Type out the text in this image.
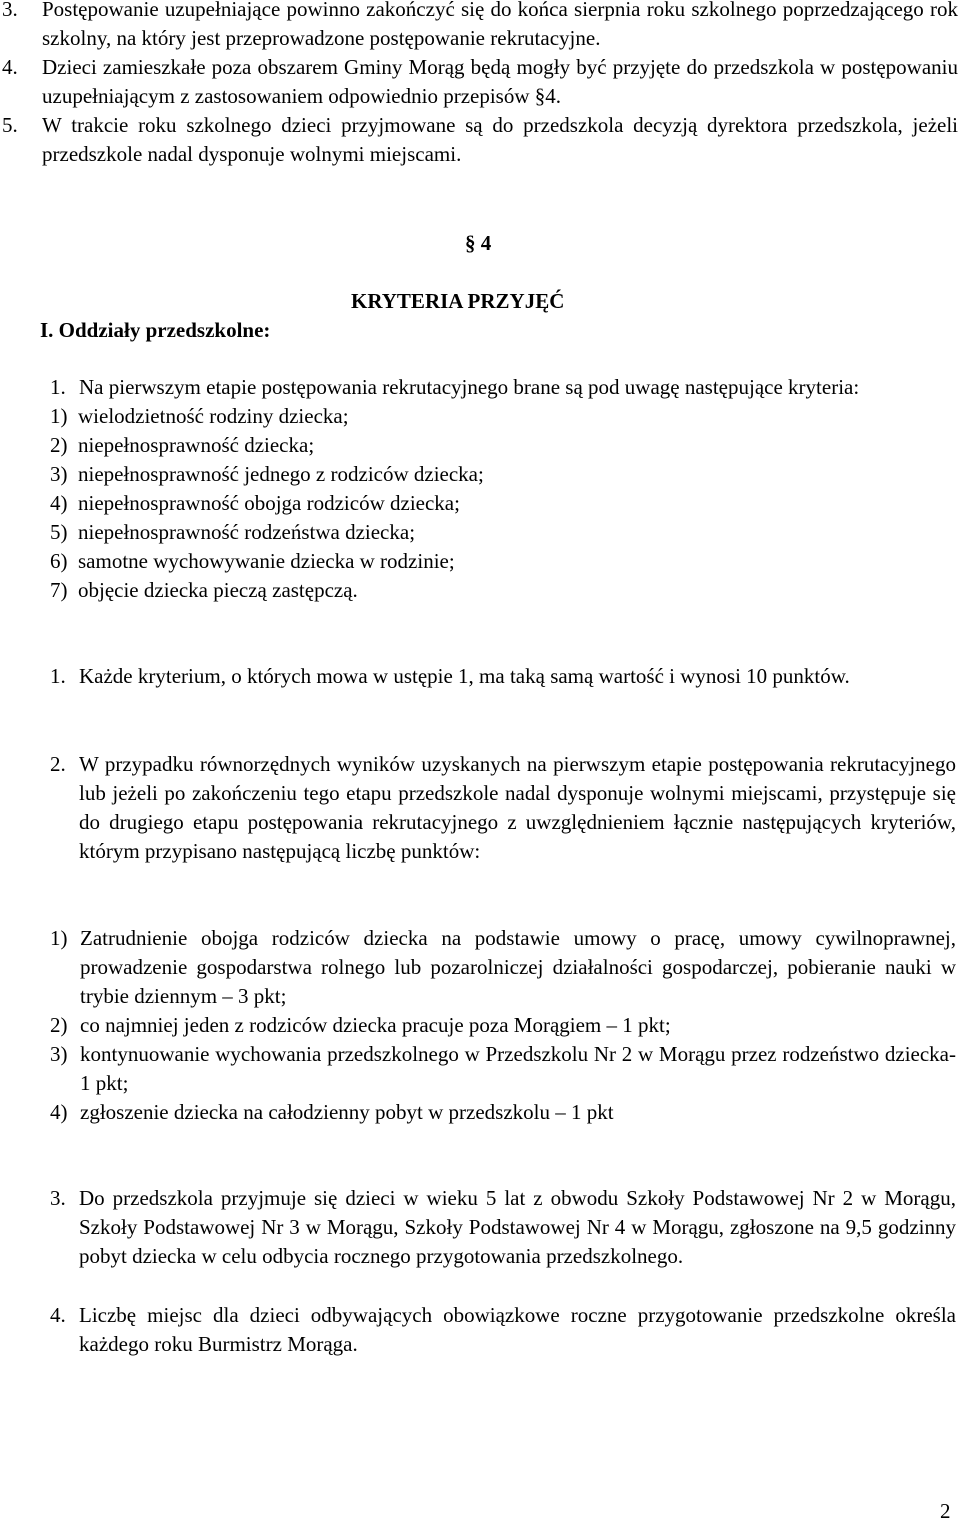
3.	Postępowanie uzupełniające powinno zakończyć się do końca sierpnia roku szkolnego poprzedzającego rok szkolny, na który jest przeprowadzone postępowanie rekrutacyjne.
4.	Dzieci zamieszkałe poza obszarem Gminy Morąg będą mogły być przyjęte do przedszkola w postępowaniu uzupełniającym z zastosowaniem odpowiednio przepisów §4.
5.	W trakcie roku szkolnego dzieci przyjmowane są do przedszkola decyzją dyrektora przedszkola, jeżeli przedszkole nadal dysponuje wolnymi miejscami.
§ 4
KRYTERIA PRZYJĘĆ
I. Oddziały przedszkolne:
1. Na pierwszym etapie postępowania rekrutacyjnego brane są pod uwagę następujące kryteria:
1) wielodzietność rodziny dziecka;
2) niepełnosprawność dziecka;
3) niepełnosprawność jednego z rodziców dziecka;
4) niepełnosprawność obojga rodziców dziecka;
5) niepełnosprawność rodzeństwa dziecka;
6) samotne wychowywanie dziecka w rodzinie;
7) objęcie dziecka pieczą zastępczą.
1. Każde kryterium, o których mowa w ustępie 1, ma taką samą wartość i wynosi 10 punktów.
2. W przypadku równorzędnych wyników uzyskanych na pierwszym etapie postępowania rekrutacyjnego lub jeżeli po zakończeniu tego etapu przedszkole nadal dysponuje wolnymi miejscami, przystępuje się do drugiego etapu postępowania rekrutacyjnego z uwzględnieniem łącznie następujących kryteriów, którym przypisano następującą liczbę punktów:
1) Zatrudnienie obojga rodziców dziecka na podstawie umowy o pracę, umowy cywilnoprawnej, prowadzenie gospodarstwa rolnego lub pozarolniczej działalności gospodarczej, pobieranie nauki w trybie dziennym – 3 pkt;
2) co najmniej jeden z rodziców dziecka pracuje poza Morągiem – 1 pkt;
3) kontynuowanie wychowania przedszkolnego w Przedszkolu Nr 2 w Morągu przez rodzeństwo dziecka- 1 pkt;
4) zgłoszenie dziecka na całodzienny pobyt w przedszkolu – 1 pkt
3. Do przedszkola przyjmuje się dzieci w wieku 5 lat z obwodu Szkoły Podstawowej Nr 2 w Morągu, Szkoły Podstawowej Nr 3 w Morągu, Szkoły Podstawowej Nr 4 w Morągu, zgłoszone na 9,5 godzinny pobyt dziecka w celu odbycia rocznego przygotowania przedszkolnego.
4. Liczbę miejsc dla dzieci odbywających obowiązkowe roczne przygotowanie przedszkolne określa każdego roku Burmistrz Morąga.
2
